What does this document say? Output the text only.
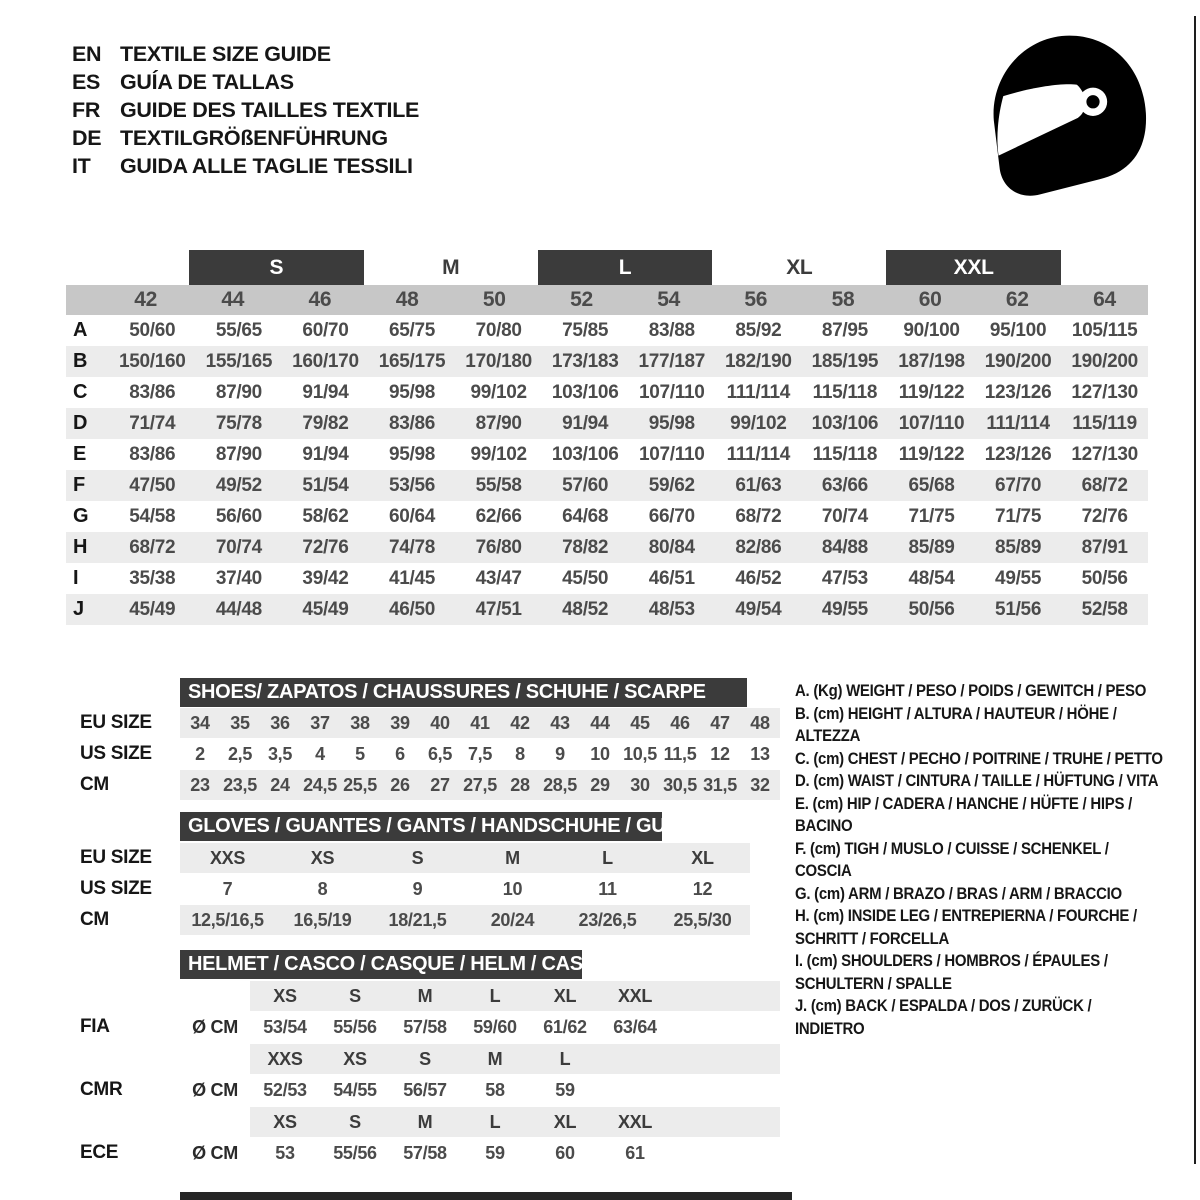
EN TEXTILE SIZE GUIDE
ES GUÍA DE TALLAS
FR GUIDE DES TAILLES TEXTILE
DE TEXTILGRÖßENFÜHRUNG
IT	GUIDA ALLE TAGLIE TESSILI
S	M	L	XL	XXL
42	44	46	48	50	52	54	56	58	60	62	64
A	50/60	55/65	60/70	65/75	70/80	75/85	83/88	85/92	87/95	90/100	95/100	105/115
B	150/160	155/165	160/170	165/175	170/180	173/183	177/187	182/190	185/195	187/198	190/200	190/200
C	83/86	87/90	91/94	95/98	99/102	103/106	107/110	111/114	115/118	119/122	123/126	127/130
D	71/74	75/78	79/82	83/86	87/90	91/94	95/98	99/102	103/106	107/110	111/114	115/119
E	83/86	87/90	91/94	95/98	99/102	103/106	107/110	111/114	115/118	119/122	123/126	127/130
F	47/50	49/52	51/54	53/56	55/58	57/60	59/62	61/63	63/66	65/68	67/70	68/72
G	54/58	56/60	58/62	60/64	62/66	64/68	66/70	68/72	70/74	71/75	71/75	72/76
H	68/72	70/74	72/76	74/78	76/80	78/82	80/84	82/86	84/88	85/89	85/89	87/91
I	35/38	37/40	39/42	41/45	43/47	45/50	46/51	46/52	47/53	48/54	49/55	50/56
J	45/49	44/48	45/49	46/50	47/51	48/52	48/53	49/54	49/55	50/56	51/56	52/58
SHOES/ ZAPATOS / CHAUSSURES / SCHUHE / SCARPE
EU SIZE	34	35	36	37	38	39	40	41	42	43	44	45	46	47	48
US SIZE	2	2,5 3,5	4	5	6	6,5 7,5	8	9	10 10,5 11,5 12	13
CM	23 23,5 24 24,5 25,5 26	27 27,5 28 28,5 29	30 30,5 31,5 32
GLOVES / GUANTES / GANTS / HANDSCHUHE / GUANTI
EU SIZE	XXS	XS	S	M	L	XL
US SIZE	7	8	9	10	11	12
CM	12,5/16,5	16,5/19	18/21,5	20/24	23/26,5	25,5/30
HELMET / CASCO / CASQUE / HELM / CASCO
XS	S	M	L	XL	XXL
FIA	Ø CM	53/54	55/56	57/58	59/60	61/62	63/64
XXS	XS	S	M	L
CMR	Ø CM	52/53	54/55	56/57	58	59
XS	S	M	L	XL	XXL
ECE	Ø CM	53	55/56	57/58	59	60	61
A. (Kg) WEIGHT / PESO / POIDS / GEWITCH / PESO
B. (cm) HEIGHT / ALTURA / HAUTEUR / HÖHE / ALTEZZA
C. (cm) CHEST / PECHO / POITRINE / TRUHE / PETTO
D. (cm) WAIST / CINTURA / TAILLE / HÜFTUNG / VITA
E. (cm) HIP / CADERA / HANCHE / HÜFTE / HIPS / BACINO
F. (cm) TIGH / MUSLO / CUISSE / SCHENKEL / COSCIA
G. (cm) ARM / BRAZO / BRAS / ARM / BRACCIO
H. (cm) INSIDE LEG / ENTREPIERNA / FOURCHE / SCHRITT / FORCELLA
I. (cm) SHOULDERS / HOMBROS / ÉPAULES / SCHULTERN / SPALLE
J. (cm) BACK / ESPALDA / DOS / ZURÜCK / INDIETRO
